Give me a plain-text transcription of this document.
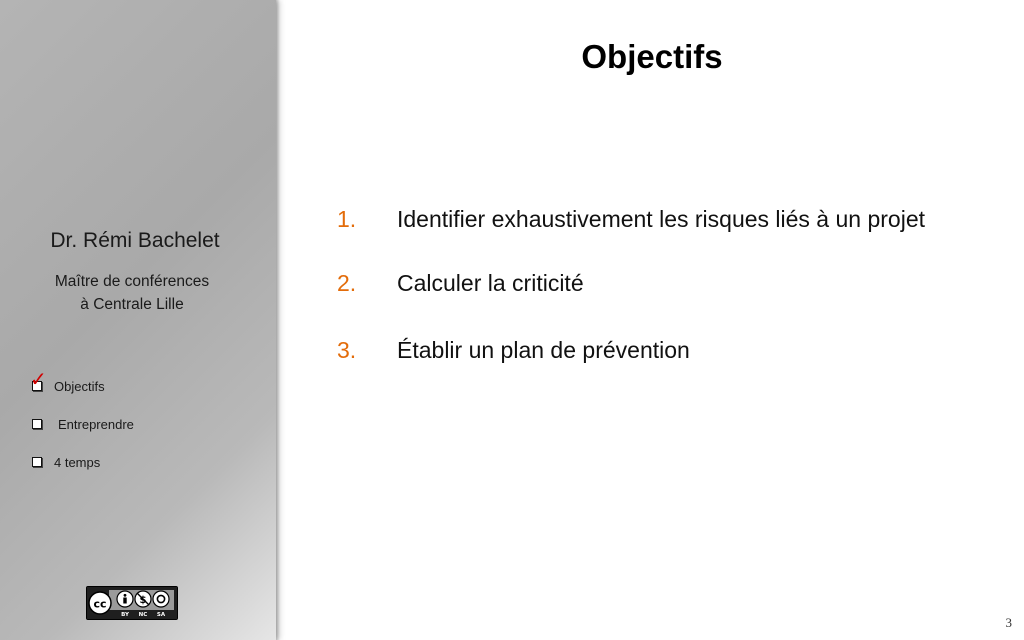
Dr. Rémi Bachelet
Maître de conférences
à Centrale Lille
✓ Objectifs
Entreprendre
4 temps
cc	$
BY NC SA
Objectifs
1. Identifier exhaustivement les risques liés à un projet
2. Calculer la criticité
3. Établir un plan de prévention
3
